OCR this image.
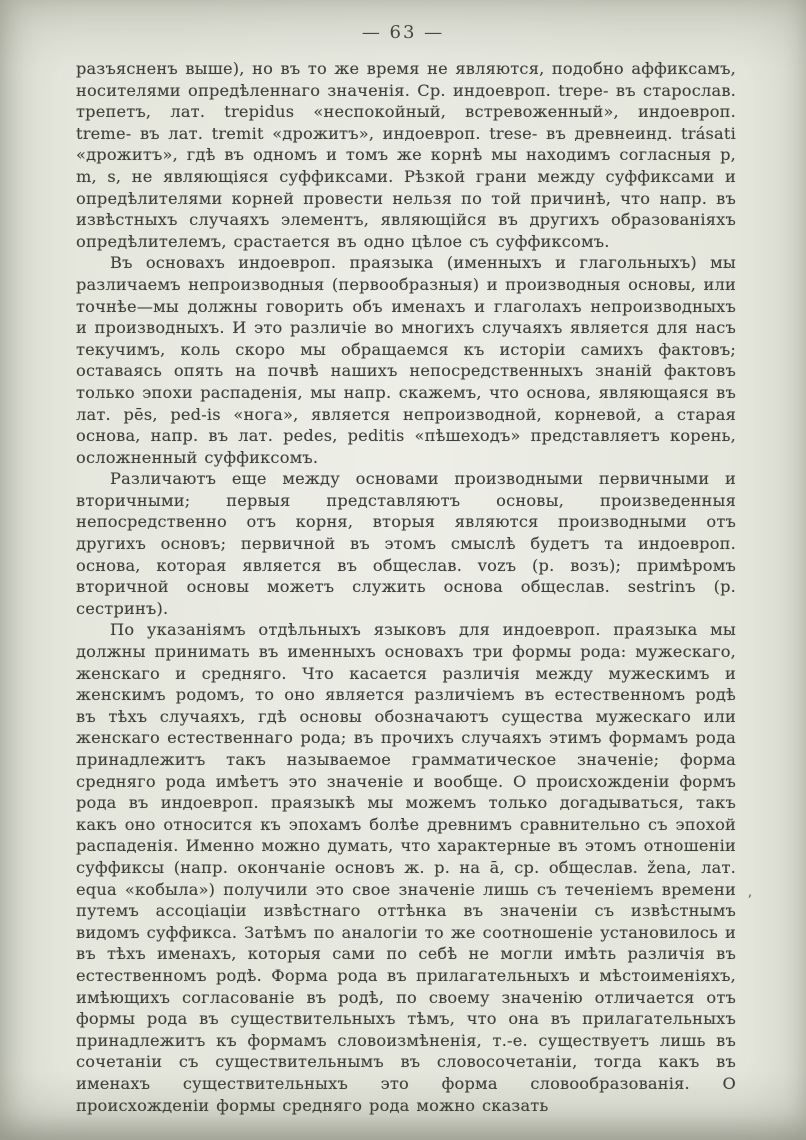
— 63 —

разъясненъ выше), но въ то же время не являются, подобно аффиксамъ, носителями опредѣленнаго значенія. Ср. индоевроп. trepe- въ старослав. трепетъ, лат. trepidus «неспокойный, встревоженный», индоевроп. treme- въ лат. tremit «дрожитъ», индоевроп. trese- въ древнеинд. trásati «дрожитъ», гдѣ въ одномъ и томъ же корнѣ мы находимъ согласныя p, m, s, не являющіяся суффиксами. Рѣзкой грани между суффиксами и опредѣлителями корней провести нельзя по той причинѣ, что напр. въ извѣстныхъ случаяхъ элементъ, являющійся въ другихъ образованіяхъ опредѣлителемъ, срастается въ одно цѣлое съ суффиксомъ.

Въ основахъ индоевроп. праязыка (именныхъ и глагольныхъ) мы различаемъ непроизводныя (первообразныя) и производныя основы, или точнѣе—мы должны говорить объ именахъ и глаголахъ непроизводныхъ и производныхъ. И это различіе во многихъ случаяхъ является для насъ текучимъ, коль скоро мы обращаемся къ исторіи самихъ фактовъ; оставаясь опять на почвѣ нашихъ непосредственныхъ знаній фактовъ только эпохи распаденія, мы напр. скажемъ, что основа, являющаяся въ лат. pēs, ped-is «нога», является непроизводной, корневой, а старая основа, напр. въ лат. pedes, peditis «пѣшеходъ» представляетъ корень, осложненный суффиксомъ.

Различаютъ еще между основами производными первичными и вторичными; первыя представляютъ основы, произведенныя непосредственно отъ корня, вторыя являются производными отъ другихъ основъ; первичной въ этомъ смыслѣ будетъ та индоевроп. основа, которая является въ общеслав. vozъ (р. возъ); примѣромъ вторичной основы можетъ служить основа общеслав. sestrinъ (р. сестринъ).

По указаніямъ отдѣльныхъ языковъ для индоевроп. праязыка мы должны принимать въ именныхъ основахъ три формы рода: мужескаго, женскаго и средняго. Что касается различія между мужескимъ и женскимъ родомъ, то оно является различіемъ въ естественномъ родѣ въ тѣхъ случаяхъ, гдѣ основы обозначаютъ существа мужескаго или женскаго естественнаго рода; въ прочихъ случаяхъ этимъ формамъ рода принадлежитъ такъ называемое грамматическое значеніе; форма средняго рода имѣетъ это значеніе и вообще. О происхожденіи формъ рода въ индоевроп. праязыкѣ мы можемъ только догадываться, такъ какъ оно относится къ эпохамъ болѣе древнимъ сравнительно съ эпохой распаденія. Именно можно думать, что характерные въ этомъ отношеніи суффиксы (напр. окончаніе основъ ж. р. на ā, ср. общеслав. žena, лат. equa «кобыла») получили это свое значеніе лишь съ теченіемъ времени путемъ ассоціаціи извѣстнаго оттѣнка въ значеніи съ извѣстнымъ видомъ суффикса. Затѣмъ по аналогіи то же соотношеніе установилось и въ тѣхъ именахъ, которыя сами по себѣ не могли имѣть различія въ естественномъ родѣ. Форма рода въ прилагательныхъ и мѣстоименіяхъ, имѣющихъ согласованіе въ родѣ, по своему значенію отличается отъ формы рода въ существительныхъ тѣмъ, что она въ прилагательныхъ принадлежитъ къ формамъ словоизмѣненія, т.-е. существуетъ лишь въ сочетаніи съ существительнымъ въ словосочетаніи, тогда какъ въ именахъ существительныхъ это форма словообразованія. О происхожденіи формы средняго рода можно сказать

’
